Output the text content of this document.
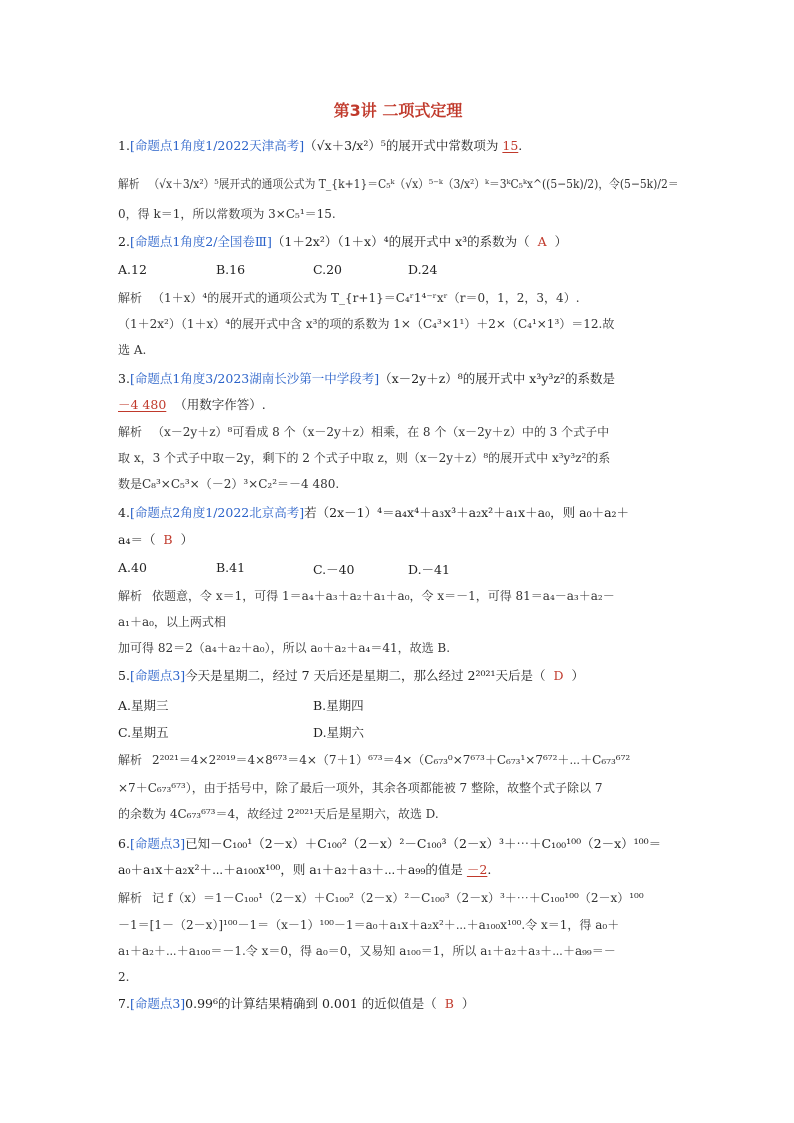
第3讲 二项式定理
1.[命题点1角度1/2022天津高考]（√x＋3/x²）⁵的展开式中常数项为 15.
解析 （√x＋3/x²）⁵展开式的通项公式为 T_{k+1}＝C₅ᵏ（√x）⁵⁻ᵏ（3/x²）ᵏ＝3ᵏC₅ᵏx^((5−5k)/2)，令(5−5k)/2＝
0，得 k＝1，所以常数项为 3×C₅¹＝15.
2.[命题点1角度2/全国卷Ⅲ]（1＋2x²）（1＋x）⁴的展开式中 x³的系数为（ A ）
A.12	B.16	C.20	D.24
解析 （1＋x）⁴的展开式的通项公式为 T_{r+1}＝C₄ʳ1⁴⁻ʳxʳ（r＝0，1，2，3，4）.
（1＋2x²）（1＋x）⁴的展开式中含 x³的项的系数为 1×（C₄³×1¹）＋2×（C₄¹×1³）＝12.故
选 A.
3.[命题点1角度3/2023湖南长沙第一中学段考]（x－2y＋z）⁸的展开式中 x³y³z²的系数是
－4 480 （用数字作答）.
解析 （x－2y＋z）⁸可看成 8 个（x－2y＋z）相乘，在 8 个（x－2y＋z）中的 3 个式子中
取 x，3 个式子中取－2y，剩下的 2 个式子中取 z，则（x－2y＋z）⁸的展开式中 x³y³z²的系
数是C₈³×C₅³×（－2）³×C₂²＝－4 480.
4.[命题点2角度1/2022北京高考]若（2x－1）⁴＝a₄x⁴＋a₃x³＋a₂x²＋a₁x＋a₀，则 a₀＋a₂＋
a₄＝（ B ）
A.40	B.41	C.－40	D.－41
解析 依题意，令 x＝1，可得 1＝a₄＋a₃＋a₂＋a₁＋a₀，令 x＝－1，可得 81＝a₄－a₃＋a₂－
a₁＋a₀，以上两式相
加可得 82＝2（a₄＋a₂＋a₀），所以 a₀＋a₂＋a₄＝41，故选 B.
5.[命题点3]今天是星期二，经过 7 天后还是星期二，那么经过 2²⁰²¹天后是（ D ）
A.星期三	B.星期四
C.星期五	D.星期六
解析 2²⁰²¹＝4×2²⁰¹⁹＝4×8⁶⁷³＝4×（7＋1）⁶⁷³＝4×（C₆₇₃⁰×7⁶⁷³＋C₆₇₃¹×7⁶⁷²＋⋯＋C₆₇₃⁶⁷²
×7＋C₆₇₃⁶⁷³），由于括号中，除了最后一项外，其余各项都能被 7 整除，故整个式子除以 7
的余数为 4C₆₇₃⁶⁷³＝4，故经过 2²⁰²¹天后是星期六，故选 D.
6.[命题点3]已知－C₁₀₀¹（2－x）＋C₁₀₀²（2－x）²－C₁₀₀³（2－x）³＋⋯＋C₁₀₀¹⁰⁰（2－x）¹⁰⁰＝
a₀＋a₁x＋a₂x²＋⋯＋a₁₀₀x¹⁰⁰，则 a₁＋a₂＋a₃＋⋯＋a₉₉的值是 －2.
解析 记 f（x）＝1－C₁₀₀¹（2－x）＋C₁₀₀²（2－x）²－C₁₀₀³（2－x）³＋⋯＋C₁₀₀¹⁰⁰（2－x）¹⁰⁰
－1＝[1－（2－x）]¹⁰⁰－1＝（x－1）¹⁰⁰－1＝a₀＋a₁x＋a₂x²＋⋯＋a₁₀₀x¹⁰⁰.令 x＝1，得 a₀＋
a₁＋a₂＋⋯＋a₁₀₀＝－1.令 x＝0，得 a₀＝0，又易知 a₁₀₀＝1，所以 a₁＋a₂＋a₃＋⋯＋a₉₉＝－
2.
7.[命题点3]0.99⁶的计算结果精确到 0.001 的近似值是（ B ）
